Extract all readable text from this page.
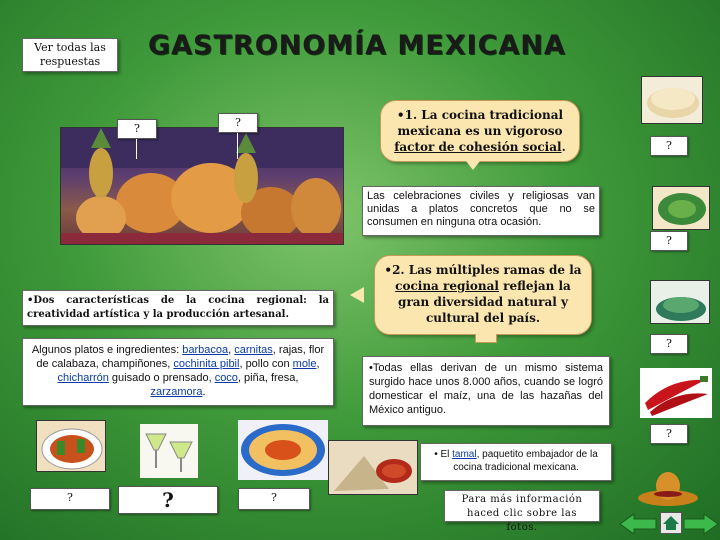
Ver todas las respuestas
GASTRONOMÍA MEXICANA
?	?
•1. La cocina tradicional mexicana es un vigoroso factor de cohesión social.
Las celebraciones civiles y religiosas van unidas a platos concretos que no se consumen en ninguna otra ocasión.
•2. Las múltiples ramas de la cocina regional reflejan la gran diversidad natural y cultural del país.
•Dos características de la cocina regional: la creatividad artística y la producción artesanal.
Algunos platos e ingredientes: barbacoa, carnitas, rajas, flor de calabaza, champiñones, cochinita pibil, pollo con mole, chicharrón guisado o prensado, coco, piña, fresa, zarzamora.
•Todas ellas derivan de un mismo sistema surgido hace unos 8.000 años, cuando se logró domesticar el maíz, una de las hazañas del México antiguo.
• El tamal, paquetito embajador de la cocina tradicional mexicana.
Para más información haced clic sobre las fotos.
?
?
?
?
?	?	?
